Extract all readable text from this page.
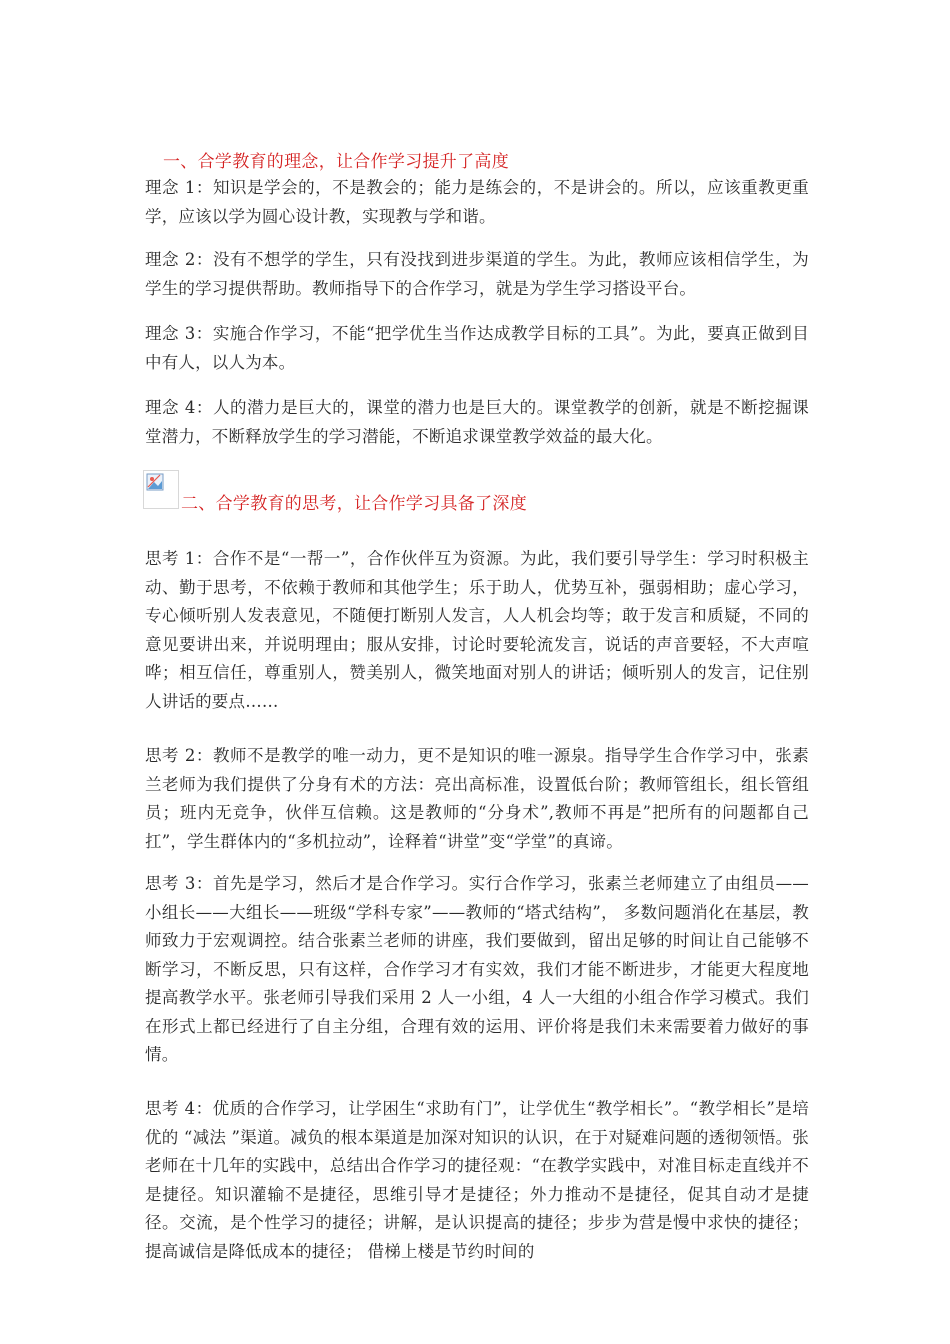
一、合学教育的理念，让合作学习提升了高度

理念 1：知识是学会的，不是教会的；能力是练会的，不是讲会的。所以，应该重教更重学，应该以学为圆心设计教，实现教与学和谐。

理念 2：没有不想学的学生，只有没找到进步渠道的学生。为此，教师应该相信学生，为学生的学习提供帮助。教师指导下的合作学习，就是为学生学习搭设平台。

理念 3：实施合作学习，不能“把学优生当作达成教学目标的工具”。为此，要真正做到目中有人，以人为本。

理念 4：人的潜力是巨大的，课堂的潜力也是巨大的。课堂教学的创新，就是不断挖掘课堂潜力，不断释放学生的学习潜能，不断追求课堂教学效益的最大化。

二、合学教育的思考，让合作学习具备了深度

思考 1：合作不是“一帮一”，合作伙伴互为资源。为此，我们要引导学生：学习时积极主动、勤于思考，不依赖于教师和其他学生；乐于助人，优势互补，强弱相助；虚心学习，专心倾听别人发表意见，不随便打断别人发言，人人机会均等；敢于发言和质疑，不同的意见要讲出来，并说明理由；服从安排，讨论时要轮流发言，说话的声音要轻，不大声喧哗；相互信任，尊重别人，赞美别人，微笑地面对别人的讲话；倾听别人的发言，记住别人讲话的要点……

思考 2：教师不是教学的唯一动力，更不是知识的唯一源泉。指导学生合作学习中，张素兰老师为我们提供了分身有术的方法：亮出高标准，设置低台阶；教师管组长，组长管组员；班内无竞争，伙伴互信赖。这是教师的“分身术”,教师不再是”把所有的问题都自己扛”，学生群体内的“多机拉动”，诠释着“讲堂”变“学堂”的真谛。

思考 3：首先是学习，然后才是合作学习。实行合作学习，张素兰老师建立了由组员——小组长——大组长——班级“学科专家”——教师的“塔式结构”， 多数问题消化在基层，教师致力于宏观调控。结合张素兰老师的讲座，我们要做到，留出足够的时间让自己能够不断学习，不断反思，只有这样，合作学习才有实效，我们才能不断进步，才能更大程度地提高教学水平。张老师引导我们采用 2 人一小组，4 人一大组的小组合作学习模式。我们在形式上都已经进行了自主分组，合理有效的运用、评价将是我们未来需要着力做好的事情。

思考 4：优质的合作学习，让学困生“求助有门”，让学优生“教学相长”。“教学相长”是培优的 “减法 ”渠道。减负的根本渠道是加深对知识的认识，在于对疑难问题的透彻领悟。张老师在十几年的实践中，总结出合作学习的捷径观：“在教学实践中，对准目标走直线并不是捷径。知识灌输不是捷径，思维引导才是捷径；外力推动不是捷径，促其自动才是捷径。交流，是个性学习的捷径；讲解，是认识提高的捷径；步步为营是慢中求快的捷径；提高诚信是降低成本的捷径； 借梯上楼是节约时间的
